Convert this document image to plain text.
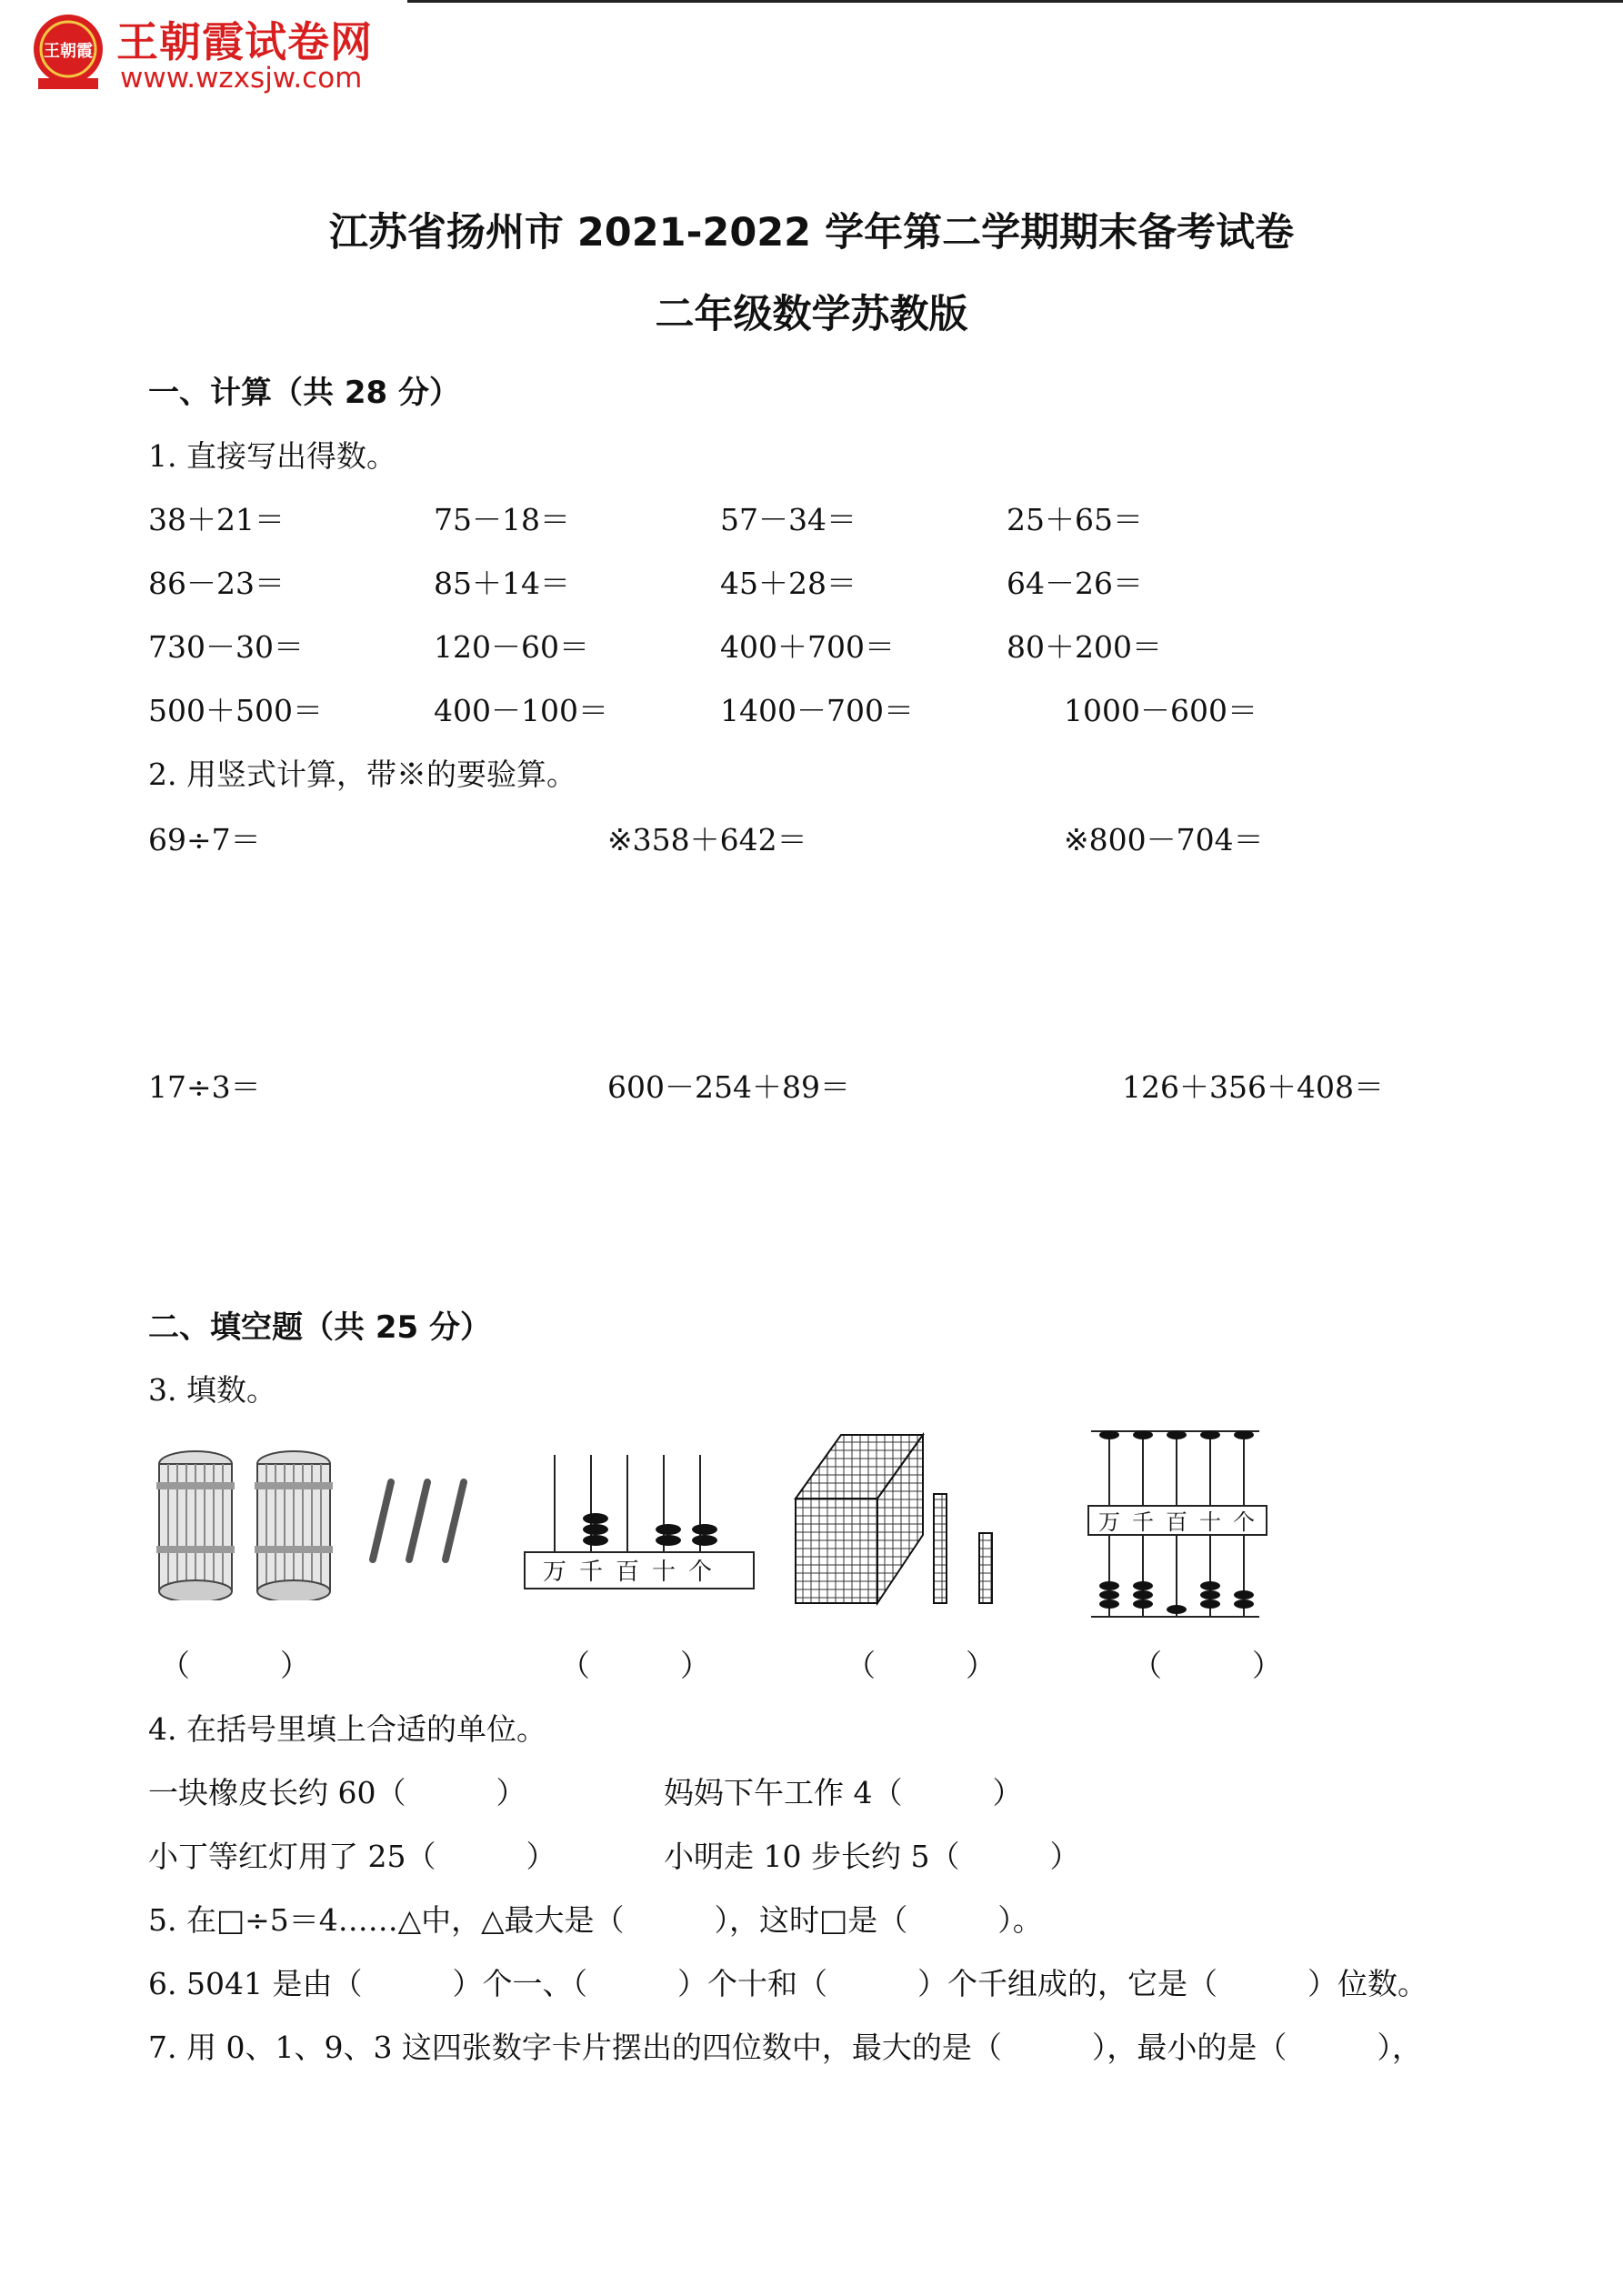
王朝霞 王朝霞试卷网
www.wzxsjw.com
江苏省扬州市 2021-2022 学年第二学期期末备考试卷
二年级数学苏教版
一、计算（共 28 分）
1. 直接写出得数。
38＋21＝	75－18＝	57－34＝	25＋65＝
86－23＝	85＋14＝	45＋28＝	64－26＝
730－30＝	120－60＝	400＋700＝	80＋200＝
500＋500＝	400－100＝	1400－700＝	1000－600＝
2. 用竖式计算，带※的要验算。
69÷7＝	※358＋642＝	※800－704＝
17÷3＝	600－254＋89＝	126＋356＋408＝
二、填空题（共 25 分）
3. 填数。
万 千 百 十 个
万 千 百 十 个
（　　　）	（　　　）	（　　　）	（　　　）
4. 在括号里填上合适的单位。
一块橡皮长约 60（　　　）	妈妈下午工作 4（　　　）
小丁等红灯用了 25（　　　）	小明走 10 步长约 5（　　　）
5. 在□÷5＝4……△中，△最大是（　　　），这时□是（　　　）。
6. 5041 是由（　　　）个一、（　　　）个十和（　　　）个千组成的，它是（　　　）位数。
7. 用 0、1、9、3 这四张数字卡片摆出的四位数中，最大的是（　　　），最小的是（　　　），
